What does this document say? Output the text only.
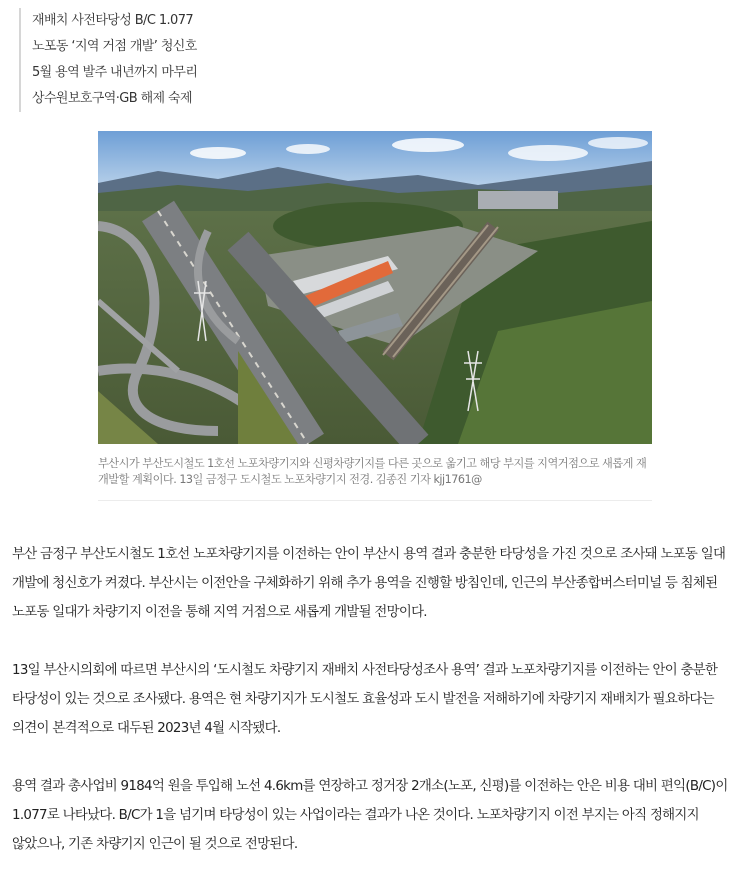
재배치 사전타당성 B/C 1.077
노포동 ‘지역 거점 개발’ 청신호
5월 용역 발주 내년까지 마무리
상수원보호구역·GB 해제 숙제
부산시가 부산도시철도 1호선 노포차량기지와 신평차량기지를 다른 곳으로 옮기고 해당 부지를 지역거점으로 새롭게 재개발할 계획이다. 13일 금정구 도시철도 노포차량기지 전경. 김종진 기자 kjj1761@

부산 금정구 부산도시철도 1호선 노포차량기지를 이전하는 안이 부산시 용역 결과 충분한 타당성을 가진 것으로 조사돼 노포동 일대 개발에 청신호가 켜졌다. 부산시는 이전안을 구체화하기 위해 추가 용역을 진행할 방침인데, 인근의 부산종합버스터미널 등 침체된 노포동 일대가 차량기지 이전을 통해 지역 거점으로 새롭게 개발될 전망이다.

13일 부산시의회에 따르면 부산시의 ‘도시철도 차량기지 재배치 사전타당성조사 용역’ 결과 노포차량기지를 이전하는 안이 충분한 타당성이 있는 것으로 조사됐다. 용역은 현 차량기지가 도시철도 효율성과 도시 발전을 저해하기에 차량기지 재배치가 필요하다는 의견이 본격적으로 대두된 2023년 4월 시작됐다.

용역 결과 총사업비 9184억 원을 투입해 노선 4.6km를 연장하고 정거장 2개소(노포, 신평)를 이전하는 안은 비용 대비 편익(B/C)이 1.077로 나타났다. B/C가 1을 넘기며 타당성이 있는 사업이라는 결과가 나온 것이다. 노포차량기지 이전 부지는 아직 정해지지 않았으나, 기존 차량기지 인근이 될 것으로 전망된다.
